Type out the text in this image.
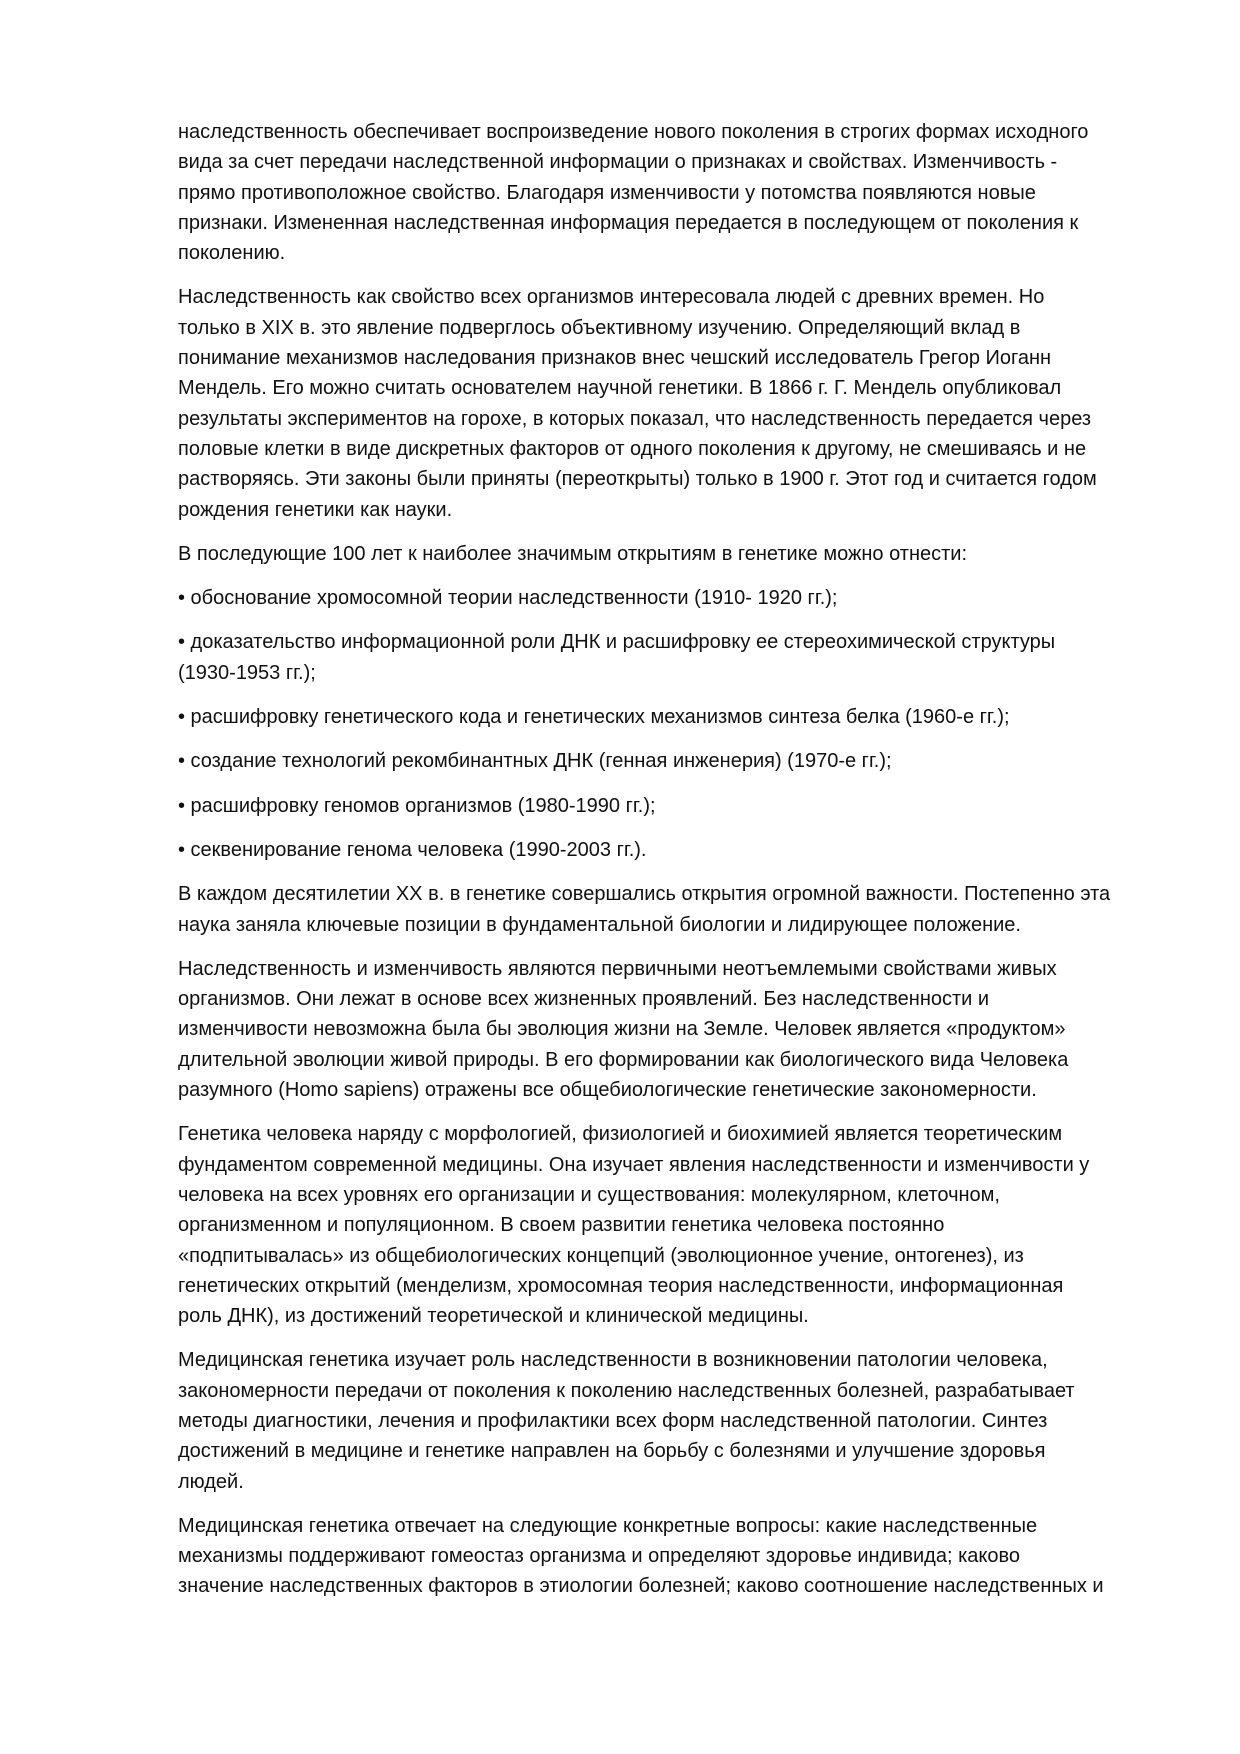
наследственность обеспечивает воспроизведение нового поколения в строгих формах исходного
вида за счет передачи наследственной информации о признаках и свойствах. Изменчивость -
прямо противоположное свойство. Благодаря изменчивости у потомства появляются новые
признаки. Измененная наследственная информация передается в последующем от поколения к
поколению.
Наследственность как свойство всех организмов интересовала людей с древних времен. Но
только в XIX в. это явление подверглось объективному изучению. Определяющий вклад в
понимание механизмов наследования признаков внес чешский исследователь Грегор Иоганн
Мендель. Его можно считать основателем научной генетики. В 1866 г. Г. Мендель опубликовал
результаты экспериментов на горохе, в которых показал, что наследственность передается через
половые клетки в виде дискретных факторов от одного поколения к другому, не смешиваясь и не
растворяясь. Эти законы были приняты (переоткрыты) только в 1900 г. Этот год и считается годом
рождения генетики как науки.
В последующие 100 лет к наиболее значимым открытиям в генетике можно отнести:
• обоснование хромосомной теории наследственности (1910- 1920 гг.);
• доказательство информационной роли ДНК и расшифровку ее стереохимической структуры
(1930-1953 гг.);
• расшифровку генетического кода и генетических механизмов синтеза белка (1960-е гг.);
• создание технологий рекомбинантных ДНК (генная инженерия) (1970-е гг.);
• расшифровку геномов организмов (1980-1990 гг.);
• секвенирование генома человека (1990-2003 гг.).
В каждом десятилетии XX в. в генетике совершались открытия огромной важности. Постепенно эта
наука заняла ключевые позиции в фундаментальной биологии и лидирующее положение.
Наследственность и изменчивость являются первичными неотъемлемыми свойствами живых
организмов. Они лежат в основе всех жизненных проявлений. Без наследственности и
изменчивости невозможна была бы эволюция жизни на Земле. Человек является «продуктом»
длительной эволюции живой природы. В его формировании как биологического вида Человека
разумного (Homo sapiens) отражены все общебиологические генетические закономерности.
Генетика человека наряду с морфологией, физиологией и биохимией является теоретическим
фундаментом современной медицины. Она изучает явления наследственности и изменчивости у
человека на всех уровнях его организации и существования: молекулярном, клеточном,
организменном и популяционном. В своем развитии генетика человека постоянно
«подпитывалась» из общебиологических концепций (эволюционное учение, онтогенез), из
генетических открытий (менделизм, хромосомная теория наследственности, информационная
роль ДНК), из достижений теоретической и клинической медицины.
Медицинская генетика изучает роль наследственности в возникновении патологии человека,
закономерности передачи от поколения к поколению наследственных болезней, разрабатывает
методы диагностики, лечения и профилактики всех форм наследственной патологии. Синтез
достижений в медицине и генетике направлен на борьбу с болезнями и улучшение здоровья
людей.
Медицинская генетика отвечает на следующие конкретные вопросы: какие наследственные
механизмы поддерживают гомеостаз организма и определяют здоровье индивида; каково
значение наследственных факторов в этиологии болезней; каково соотношение наследственных и
